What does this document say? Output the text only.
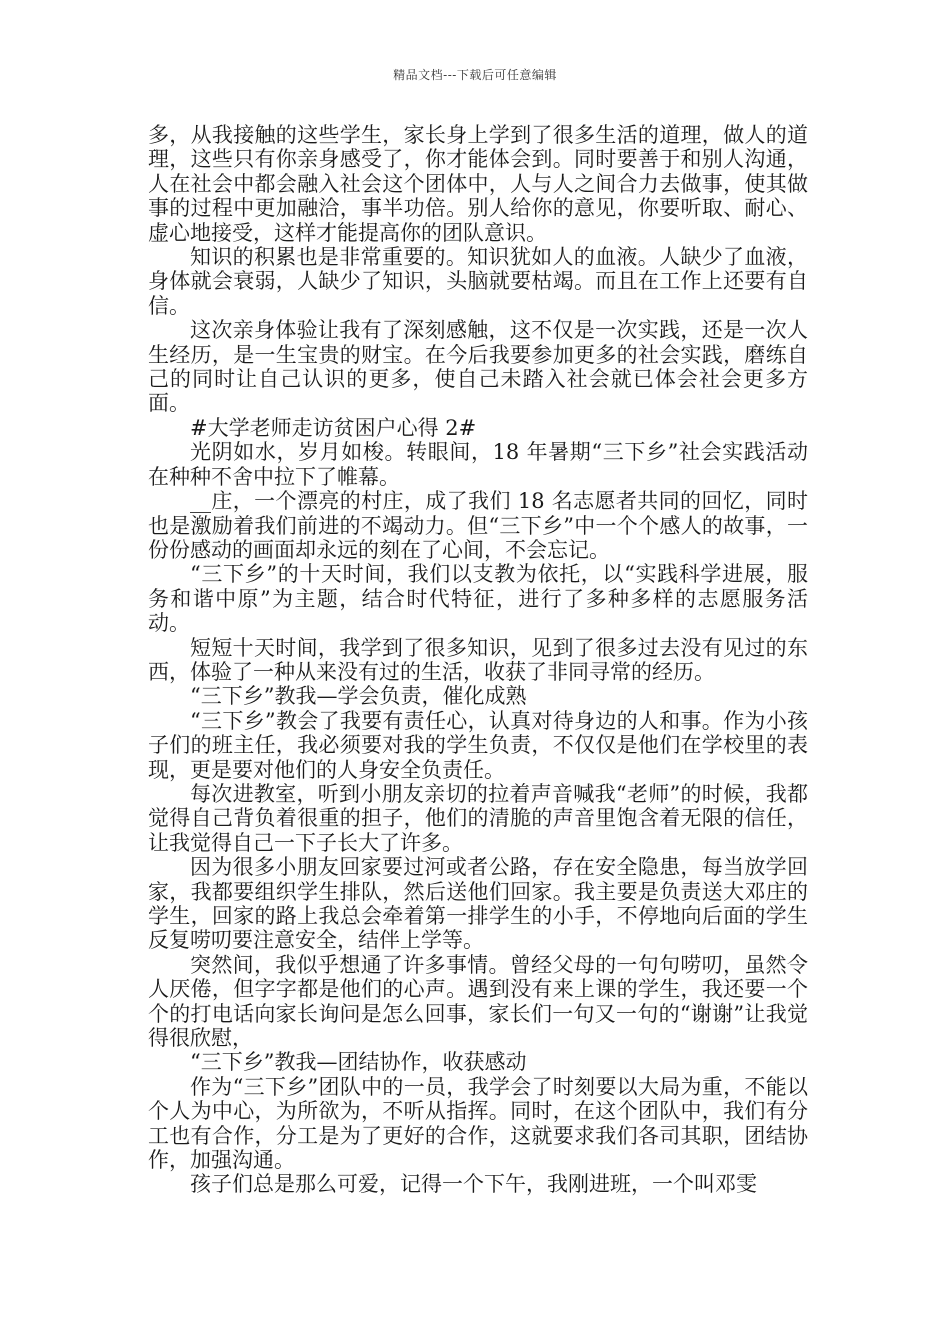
精品文档---下载后可任意编辑

多，从我接触的这些学生，家长身上学到了很多生活的道理，做人的道理，这些只有你亲身感受了，你才能体会到。同时要善于和别人沟通，人在社会中都会融入社会这个团体中，人与人之间合力去做事，使其做事的过程中更加融洽，事半功倍。别人给你的意见，你要听取、耐心、虚心地接受，这样才能提高你的团队意识。

知识的积累也是非常重要的。知识犹如人的血液。人缺少了血液，身体就会衰弱，人缺少了知识，头脑就要枯竭。而且在工作上还要有自信。

这次亲身体验让我有了深刻感触，这不仅是一次实践，还是一次人生经历，是一生宝贵的财宝。在今后我要参加更多的社会实践，磨练自己的同时让自己认识的更多，使自己未踏入社会就已体会社会更多方面。

#大学老师走访贫困户心得 2#

光阴如水，岁月如梭。转眼间，18 年暑期“三下乡”社会实践活动在种种不舍中拉下了帷幕。

__庄，一个漂亮的村庄，成了我们 18 名志愿者共同的回忆，同时也是激励着我们前进的不竭动力。但“三下乡”中一个个感人的故事，一份份感动的画面却永远的刻在了心间，不会忘记。

“三下乡”的十天时间，我们以支教为依托，以“实践科学进展，服务和谐中原”为主题，结合时代特征，进行了多种多样的志愿服务活动。

短短十天时间，我学到了很多知识，见到了很多过去没有见过的东西，体验了一种从来没有过的生活，收获了非同寻常的经历。

“三下乡”教我—学会负责，催化成熟

“三下乡”教会了我要有责任心，认真对待身边的人和事。作为小孩子们的班主任，我必须要对我的学生负责，不仅仅是他们在学校里的表现，更是要对他们的人身安全负责任。

每次进教室，听到小朋友亲切的拉着声音喊我“老师”的时候，我都觉得自己背负着很重的担子，他们的清脆的声音里饱含着无限的信任，让我觉得自己一下子长大了许多。

因为很多小朋友回家要过河或者公路，存在安全隐患，每当放学回家，我都要组织学生排队，然后送他们回家。我主要是负责送大邓庄的学生，回家的路上我总会牵着第一排学生的小手，不停地向后面的学生反复唠叨要注意安全，结伴上学等。

突然间，我似乎想通了许多事情。曾经父母的一句句唠叨，虽然令人厌倦，但字字都是他们的心声。遇到没有来上课的学生，我还要一个个的打电话向家长询问是怎么回事，家长们一句又一句的“谢谢”让我觉得很欣慰，

“三下乡”教我—团结协作，收获感动

作为“三下乡”团队中的一员，我学会了时刻要以大局为重，不能以个人为中心，为所欲为，不听从指挥。同时，在这个团队中，我们有分工也有合作，分工是为了更好的合作，这就要求我们各司其职，团结协作，加强沟通。

孩子们总是那么可爱，记得一个下午，我刚进班，一个叫邓雯
